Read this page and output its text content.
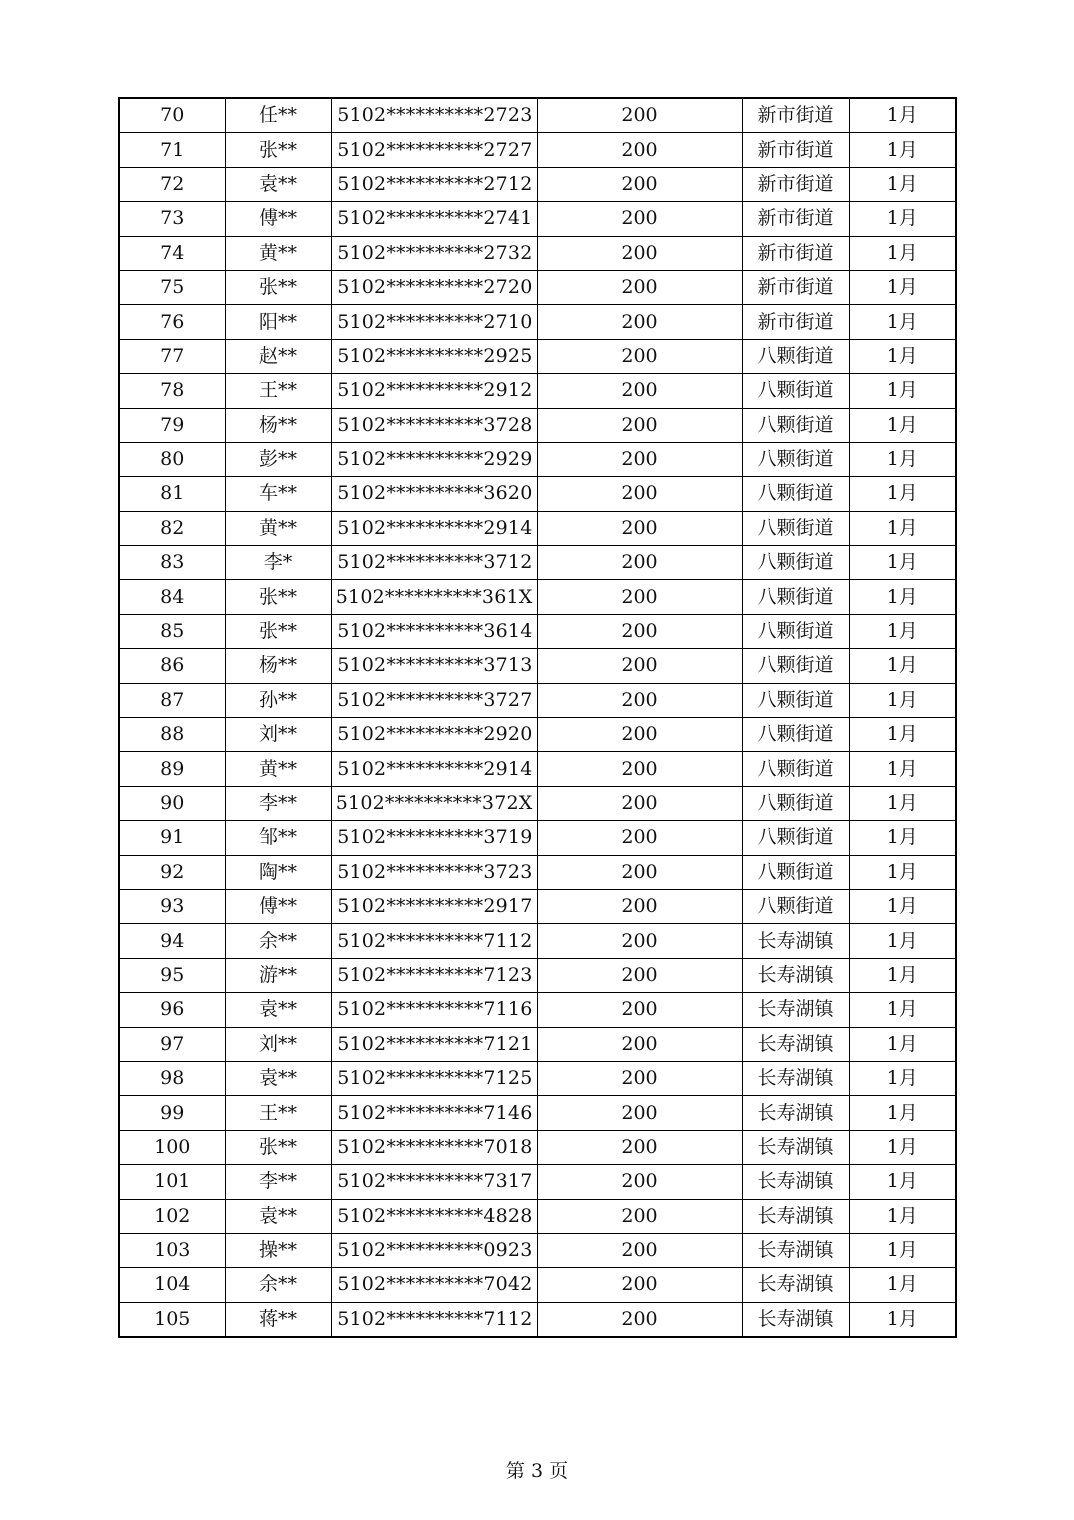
70	任**	5102**********2723	200	新市街道	1月
71	张**	5102**********2727	200	新市街道	1月
72	袁**	5102**********2712	200	新市街道	1月
73	傅**	5102**********2741	200	新市街道	1月
74	黄**	5102**********2732	200	新市街道	1月
75	张**	5102**********2720	200	新市街道	1月
76	阳**	5102**********2710	200	新市街道	1月
77	赵**	5102**********2925	200	八颗街道	1月
78	王**	5102**********2912	200	八颗街道	1月
79	杨**	5102**********3728	200	八颗街道	1月
80	彭**	5102**********2929	200	八颗街道	1月
81	车**	5102**********3620	200	八颗街道	1月
82	黄**	5102**********2914	200	八颗街道	1月
83	李*	5102**********3712	200	八颗街道	1月
84	张**	5102**********361X	200	八颗街道	1月
85	张**	5102**********3614	200	八颗街道	1月
86	杨**	5102**********3713	200	八颗街道	1月
87	孙**	5102**********3727	200	八颗街道	1月
88	刘**	5102**********2920	200	八颗街道	1月
89	黄**	5102**********2914	200	八颗街道	1月
90	李**	5102**********372X	200	八颗街道	1月
91	邹**	5102**********3719	200	八颗街道	1月
92	陶**	5102**********3723	200	八颗街道	1月
93	傅**	5102**********2917	200	八颗街道	1月
94	余**	5102**********7112	200	长寿湖镇	1月
95	游**	5102**********7123	200	长寿湖镇	1月
96	袁**	5102**********7116	200	长寿湖镇	1月
97	刘**	5102**********7121	200	长寿湖镇	1月
98	袁**	5102**********7125	200	长寿湖镇	1月
99	王**	5102**********7146	200	长寿湖镇	1月
100	张**	5102**********7018	200	长寿湖镇	1月
101	李**	5102**********7317	200	长寿湖镇	1月
102	袁**	5102**********4828	200	长寿湖镇	1月
103	操**	5102**********0923	200	长寿湖镇	1月
104	余**	5102**********7042	200	长寿湖镇	1月
105	蒋**	5102**********7112	200	长寿湖镇	1月
第 3 页
